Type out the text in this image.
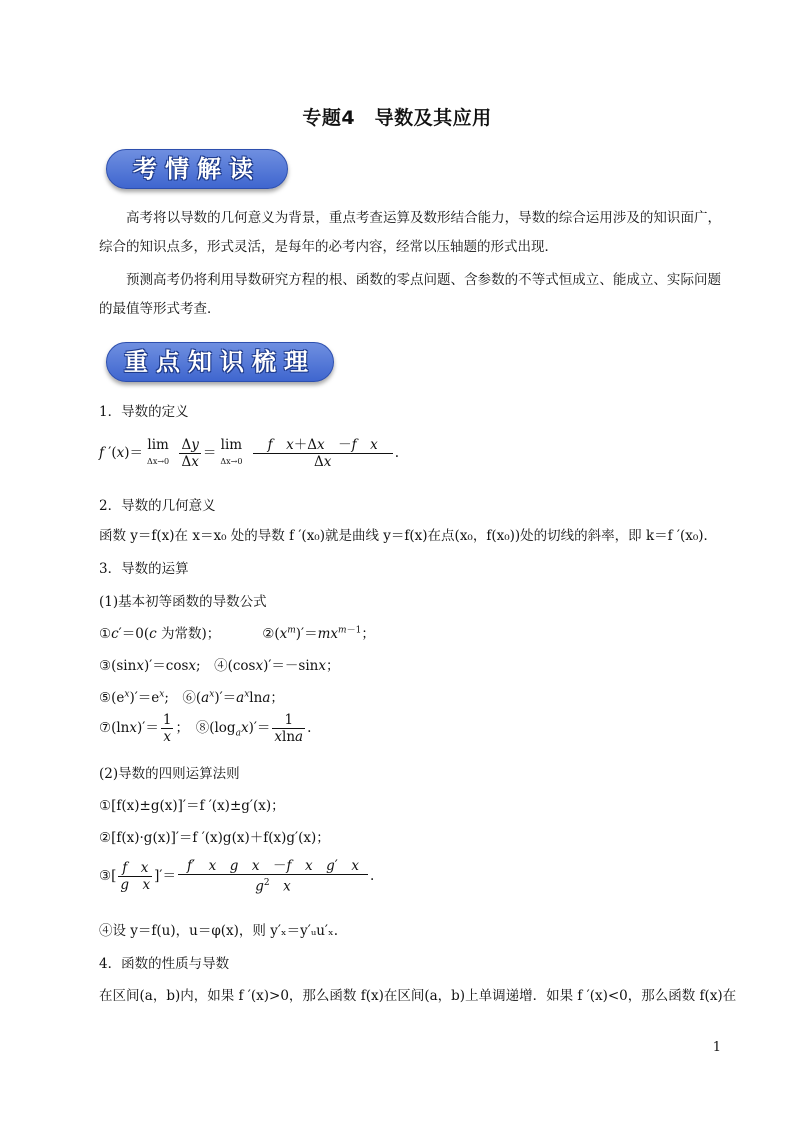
专题4　导数及其应用
考情解读
高考将以导数的几何意义为背景，重点考查运算及数形结合能力，导数的综合运用涉及的知识面广，综合的知识点多，形式灵活，是每年的必考内容，经常以压轴题的形式出现．
预测高考仍将利用导数研究方程的根、函数的零点问题、含参数的不等式恒成立、能成立、实际问题的最值等形式考查．
重点知识梳理
1．导数的定义
f ′(x)＝ lim
Δx→0
$\frac{\Delta y}{\Delta x} = \lim$
Δx→0
$\frac{\text{f　 x＋Δx　－f　 x}}{\Delta x}$ .
2．导数的几何意义
函数 y＝f(x)在 x＝x₀ 处的导数 f ′(x₀)就是曲线 y＝f(x)在点(x₀，f(x₀))处的切线的斜率，即 k＝f ′(x₀)．
3．导数的运算
(1)基本初等函数的导数公式
①c′＝0(c 为常数)；	$②(x^m)'=mx^{m-1}$；
③(sinx)′＝cosx;　④(cosx)′＝－sinx；
$⑤(e^x)'=e^x$;　$⑥(a^x)'=a^x\ln a$；
⑦(lnx)′＝ $\frac{1}{x}$ ；　$⑧(\log_ax)'= \frac{1}{xlna}$ .
(2)导数的四则运算法则
①[f(x)±g(x)]′＝f ′(x)±g′(x)；
②[f(x)·g(x)]′＝f ′(x)g(x)＋f(x)g′(x)；
③[ $\frac{\text{f　 x}}{\text{g　 x}}$ ]′＝ $\frac{\text{f′　x　 g　 x　－f　 x　 g′　x}}{g^2 x}$ .
④设 y＝f(u)，u＝φ(x)，则 y′ₓ＝y′ᵤu′ₓ.
4．函数的性质与导数
在区间(a，b)内，如果 f ′(x)>0，那么函数 f(x)在区间(a，b)上单调递增．如果 f ′(x)<0，那么函数 f(x)在
1
